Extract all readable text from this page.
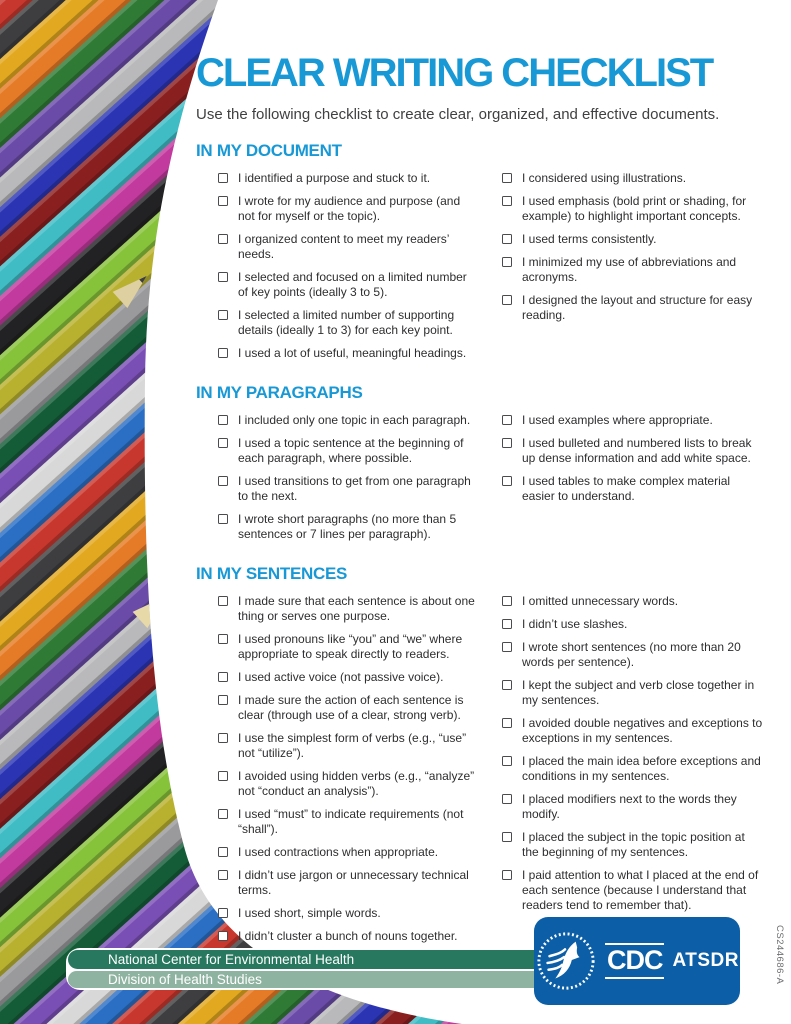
CLEAR WRITING CHECKLIST

Use the following checklist to create clear, organized, and effective documents.

IN MY DOCUMENT
I identified a purpose and stuck to it.
I wrote for my audience and purpose (and not for myself or the topic).
I organized content to meet my readers’ needs.
I selected and focused on a limited number of key points (ideally 3 to 5).
I selected a limited number of supporting details (ideally 1 to 3) for each key point.
I used a lot of useful, meaningful headings.
I considered using illustrations.
I used emphasis (bold print or shading, for example) to highlight important concepts.
I used terms consistently.
I minimized my use of abbreviations and acronyms.
I designed the layout and structure for easy reading.
IN MY PARAGRAPHS
I included only one topic in each paragraph.
I used a topic sentence at the beginning of each paragraph, where possible.
I used transitions to get from one paragraph to the next.
I wrote short paragraphs (no more than 5 sentences or 7 lines per paragraph).
I used examples where appropriate.
I used bulleted and numbered lists to break up dense information and add white space.
I used tables to make complex material easier to understand.
IN MY SENTENCES
I made sure that each sentence is about one thing or serves one purpose.
I used pronouns like “you” and “we” where appropriate to speak directly to readers.
I used active voice (not passive voice).
I made sure the action of each sentence is clear (through use of a clear, strong verb).
I use the simplest form of verbs (e.g., “use” not “utilize”).
I avoided using hidden verbs (e.g., “analyze” not “conduct an analysis”).
I used “must” to indicate requirements (not “shall”).
I used contractions when appropriate.
I didn’t use jargon or unnecessary technical terms.
I used short, simple words.
I didn’t cluster a bunch of nouns together.
I omitted unnecessary words.
I didn’t use slashes.
I wrote short sentences (no more than 20 words per sentence).
I kept the subject and verb close together in my sentences.
I avoided double negatives and exceptions to exceptions in my sentences.
I placed the main idea before exceptions and conditions in my sentences.
I placed modifiers next to the words they modify.
I placed the subject in the topic position at the beginning of my sentences.
I paid attention to what I placed at the end of each sentence (because I understand that readers tend to remember that).
National Center for Environmental Health
Division of Health Studies
CDC ATSDR	CS244686-A
